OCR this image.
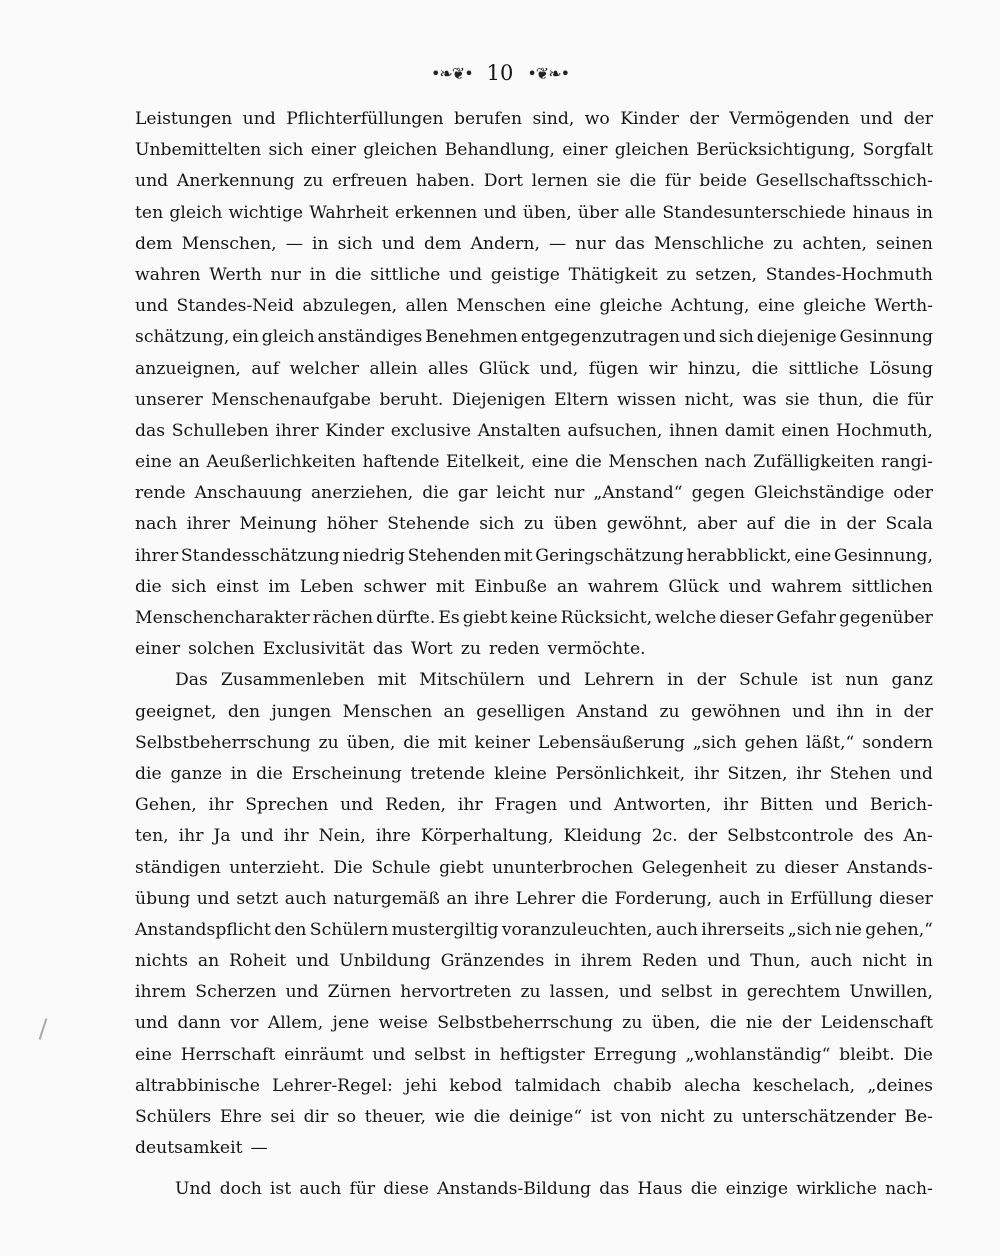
•❧❦• 10 •❦❧•
Leistungen und Pflichterfüllungen berufen sind, wo Kinder der Vermögenden und der
Unbemittelten sich einer gleichen Behandlung, einer gleichen Berücksichtigung, Sorgfalt
und Anerkennung zu erfreuen haben. Dort lernen sie die für beide Gesellschaftsschich-
ten gleich wichtige Wahrheit erkennen und üben, über alle Standesunterschiede hinaus in
dem Menschen, — in sich und dem Andern, — nur das Menschliche zu achten, seinen
wahren Werth nur in die sittliche und geistige Thätigkeit zu setzen, Standes-Hochmuth
und Standes-Neid abzulegen, allen Menschen eine gleiche Achtung, eine gleiche Werth-
schätzung, ein gleich anständiges Benehmen entgegenzutragen und sich diejenige Gesinnung
anzueignen, auf welcher allein alles Glück und, fügen wir hinzu, die sittliche Lösung
unserer Menschenaufgabe beruht. Diejenigen Eltern wissen nicht, was sie thun, die für
das Schulleben ihrer Kinder exclusive Anstalten aufsuchen, ihnen damit einen Hochmuth,
eine an Aeußerlichkeiten haftende Eitelkeit, eine die Menschen nach Zufälligkeiten rangi-
rende Anschauung anerziehen, die gar leicht nur „Anstand“ gegen Gleichständige oder
nach ihrer Meinung höher Stehende sich zu üben gewöhnt, aber auf die in der Scala
ihrer Standesschätzung niedrig Stehenden mit Geringschätzung herabblickt, eine Gesinnung,
die sich einst im Leben schwer mit Einbuße an wahrem Glück und wahrem sittlichen
Menschencharakter rächen dürfte. Es giebt keine Rücksicht, welche dieser Gefahr gegenüber
einer solchen Exclusivität das Wort zu reden vermöchte.
Das Zusammenleben mit Mitschülern und Lehrern in der Schule ist nun ganz
geeignet, den jungen Menschen an geselligen Anstand zu gewöhnen und ihn in der
Selbstbeherrschung zu üben, die mit keiner Lebensäußerung „sich gehen läßt,“ sondern
die ganze in die Erscheinung tretende kleine Persönlichkeit, ihr Sitzen, ihr Stehen und
Gehen, ihr Sprechen und Reden, ihr Fragen und Antworten, ihr Bitten und Berich-
ten, ihr Ja und ihr Nein, ihre Körperhaltung, Kleidung 2c. der Selbstcontrole des An-
ständigen unterzieht. Die Schule giebt ununterbrochen Gelegenheit zu dieser Anstands-
übung und setzt auch naturgemäß an ihre Lehrer die Forderung, auch in Erfüllung dieser
Anstandspflicht den Schülern mustergiltig voranzuleuchten, auch ihrerseits „sich nie gehen,“
nichts an Roheit und Unbildung Gränzendes in ihrem Reden und Thun, auch nicht in
ihrem Scherzen und Zürnen hervortreten zu lassen, und selbst in gerechtem Unwillen,
und dann vor Allem, jene weise Selbstbeherrschung zu üben, die nie der Leidenschaft
eine Herrschaft einräumt und selbst in heftigster Erregung „wohlanständig“ bleibt. Die
altrabbinische Lehrer-Regel: jehi kebod talmidach chabib alecha keschelach, „deines
Schülers Ehre sei dir so theuer, wie die deinige“ ist von nicht zu unterschätzender Be-
deutsamkeit —
Und doch ist auch für diese Anstands-Bildung das Haus die einzige wirkliche nach-
